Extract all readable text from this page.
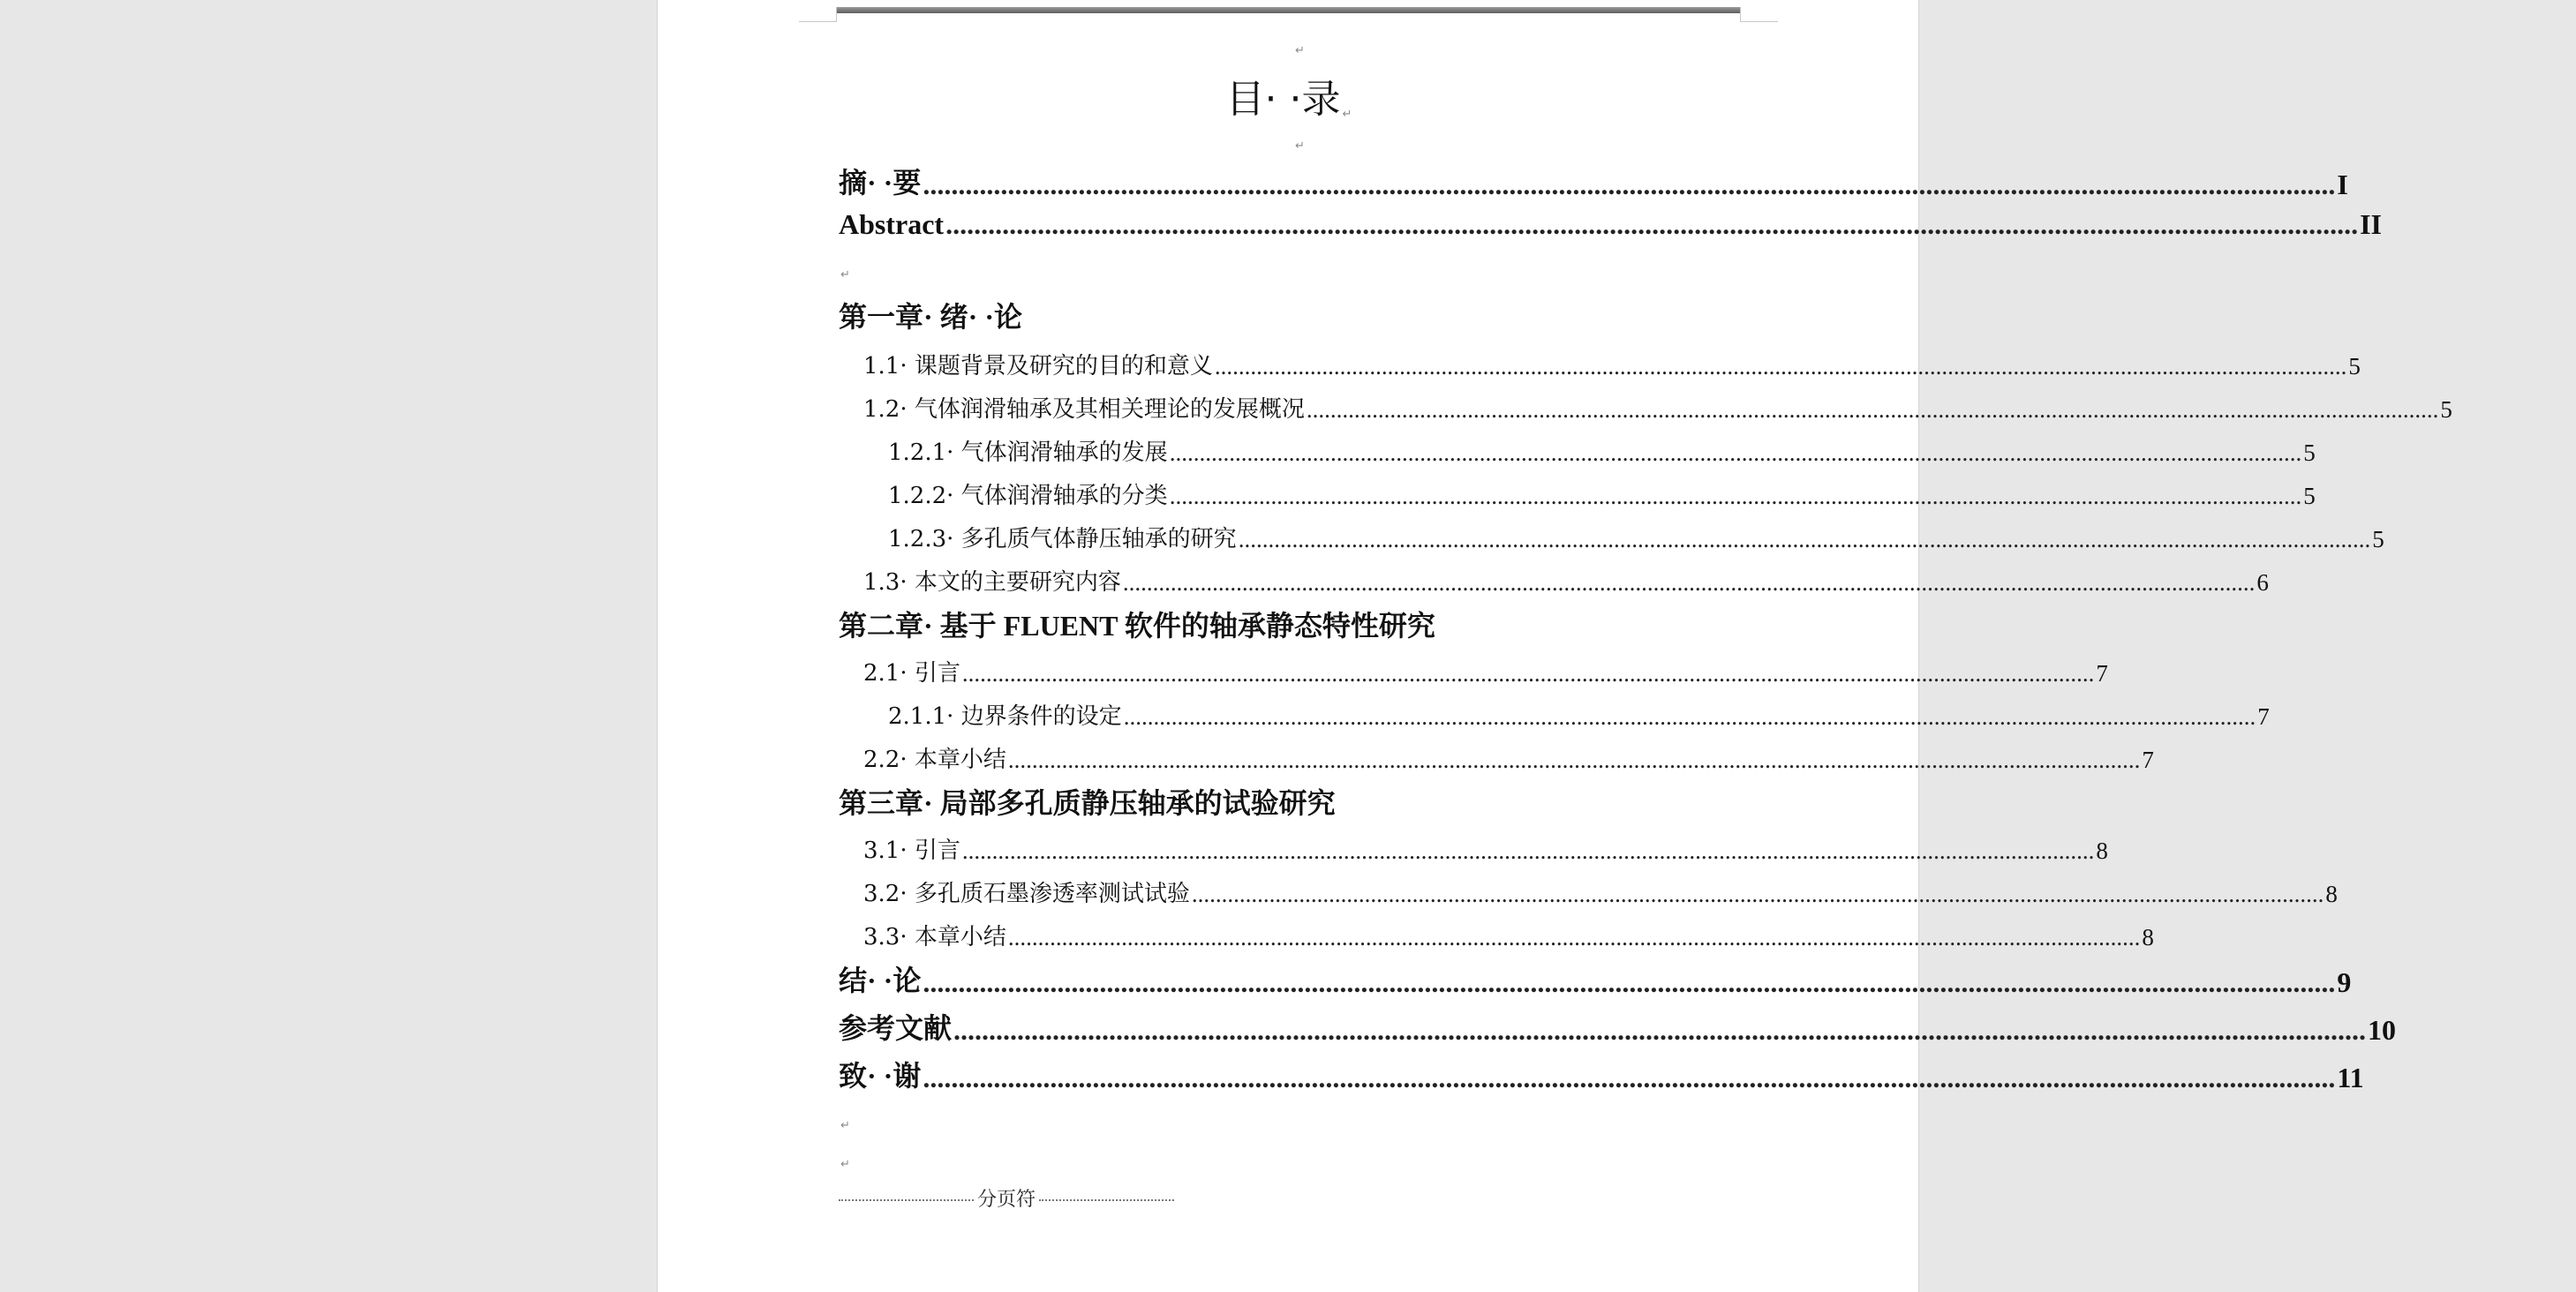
↵
目· ·录 ↵
↵
摘· ·要 ........................................................................................................................................................................................................ I
Abstract ........................................................................................................................................................................................................ II
↵
第一章· 绪· ·论
1.1· 课题背景及研究的目的和意义 .............................................................................................................................................................................................. 5
1.2· 气体润滑轴承及其相关理论的发展概况 .............................................................................................................................................................................................. 5
1.2.1· 气体润滑轴承的发展 .............................................................................................................................................................................................. 5
1.2.2· 气体润滑轴承的分类 .............................................................................................................................................................................................. 5
1.2.3· 多孔质气体静压轴承的研究 .............................................................................................................................................................................................. 5
1.3· 本文的主要研究内容 .............................................................................................................................................................................................. 6
第二章· 基于 FLUENT 软件的轴承静态特性研究
2.1· 引言 .............................................................................................................................................................................................. 7
2.1.1· 边界条件的设定 .............................................................................................................................................................................................. 7
2.2· 本章小结 .............................................................................................................................................................................................. 7
第三章· 局部多孔质静压轴承的试验研究
3.1· 引言 .............................................................................................................................................................................................. 8
3.2· 多孔质石墨渗透率测试试验 .............................................................................................................................................................................................. 8
3.3· 本章小结 .............................................................................................................................................................................................. 8
结· ·论 ........................................................................................................................................................................................................ 9
参考文献 ........................................................................................................................................................................................................ 10
致· ·谢 ........................................................................................................................................................................................................ 11
↵
↵
分页符
